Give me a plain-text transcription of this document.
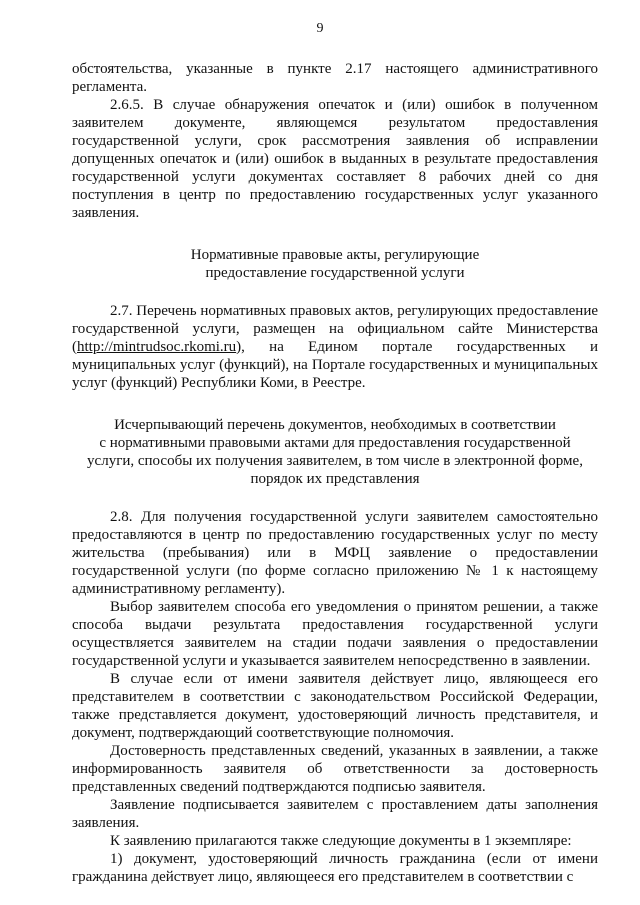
9

обстоятельства, указанные в пункте 2.17 настоящего административного регламента.

2.6.5. В случае обнаружения опечаток и (или) ошибок в полученном заявителем документе, являющемся результатом предоставления государственной услуги, срок рассмотрения заявления об исправлении допущенных опечаток и (или) ошибок в выданных в результате предоставления государственной услуги документах составляет 8 рабочих дней со дня поступления в центр по предоставлению государственных услуг указанного заявления.

Нормативные правовые акты, регулирующие
предоставление государственной услуги

2.7. Перечень нормативных правовых актов, регулирующих предоставление государственной услуги, размещен на официальном сайте Министерства (http://mintrudsoc.rkomi.ru), на Едином портале государственных и муниципальных услуг (функций), на Портале государственных и муниципальных услуг (функций) Республики Коми, в Реестре.

Исчерпывающий перечень документов, необходимых в соответствии
с нормативными правовыми актами для предоставления государственной
услуги, способы их получения заявителем, в том числе в электронной форме,
порядок их представления

2.8. Для получения государственной услуги заявителем самостоятельно предоставляются в центр по предоставлению государственных услуг по месту жительства (пребывания) или в МФЦ заявление о предоставлении государственной услуги (по форме согласно приложению № 1 к настоящему административному регламенту).

Выбор заявителем способа его уведомления о принятом решении, а также способа выдачи результата предоставления государственной услуги осуществляется заявителем на стадии подачи заявления о предоставлении государственной услуги и указывается заявителем непосредственно в заявлении.

В случае если от имени заявителя действует лицо, являющееся его представителем в соответствии с законодательством Российской Федерации, также представляется документ, удостоверяющий личность представителя, и документ, подтверждающий соответствующие полномочия.

Достоверность представленных сведений, указанных в заявлении, а также информированность заявителя об ответственности за достоверность представленных сведений подтверждаются подписью заявителя.

Заявление подписывается заявителем с проставлением даты заполнения заявления.

К заявлению прилагаются также следующие документы в 1 экземпляре:

1) документ, удостоверяющий личность гражданина (если от имени гражданина действует лицо, являющееся его представителем в соответствии с
